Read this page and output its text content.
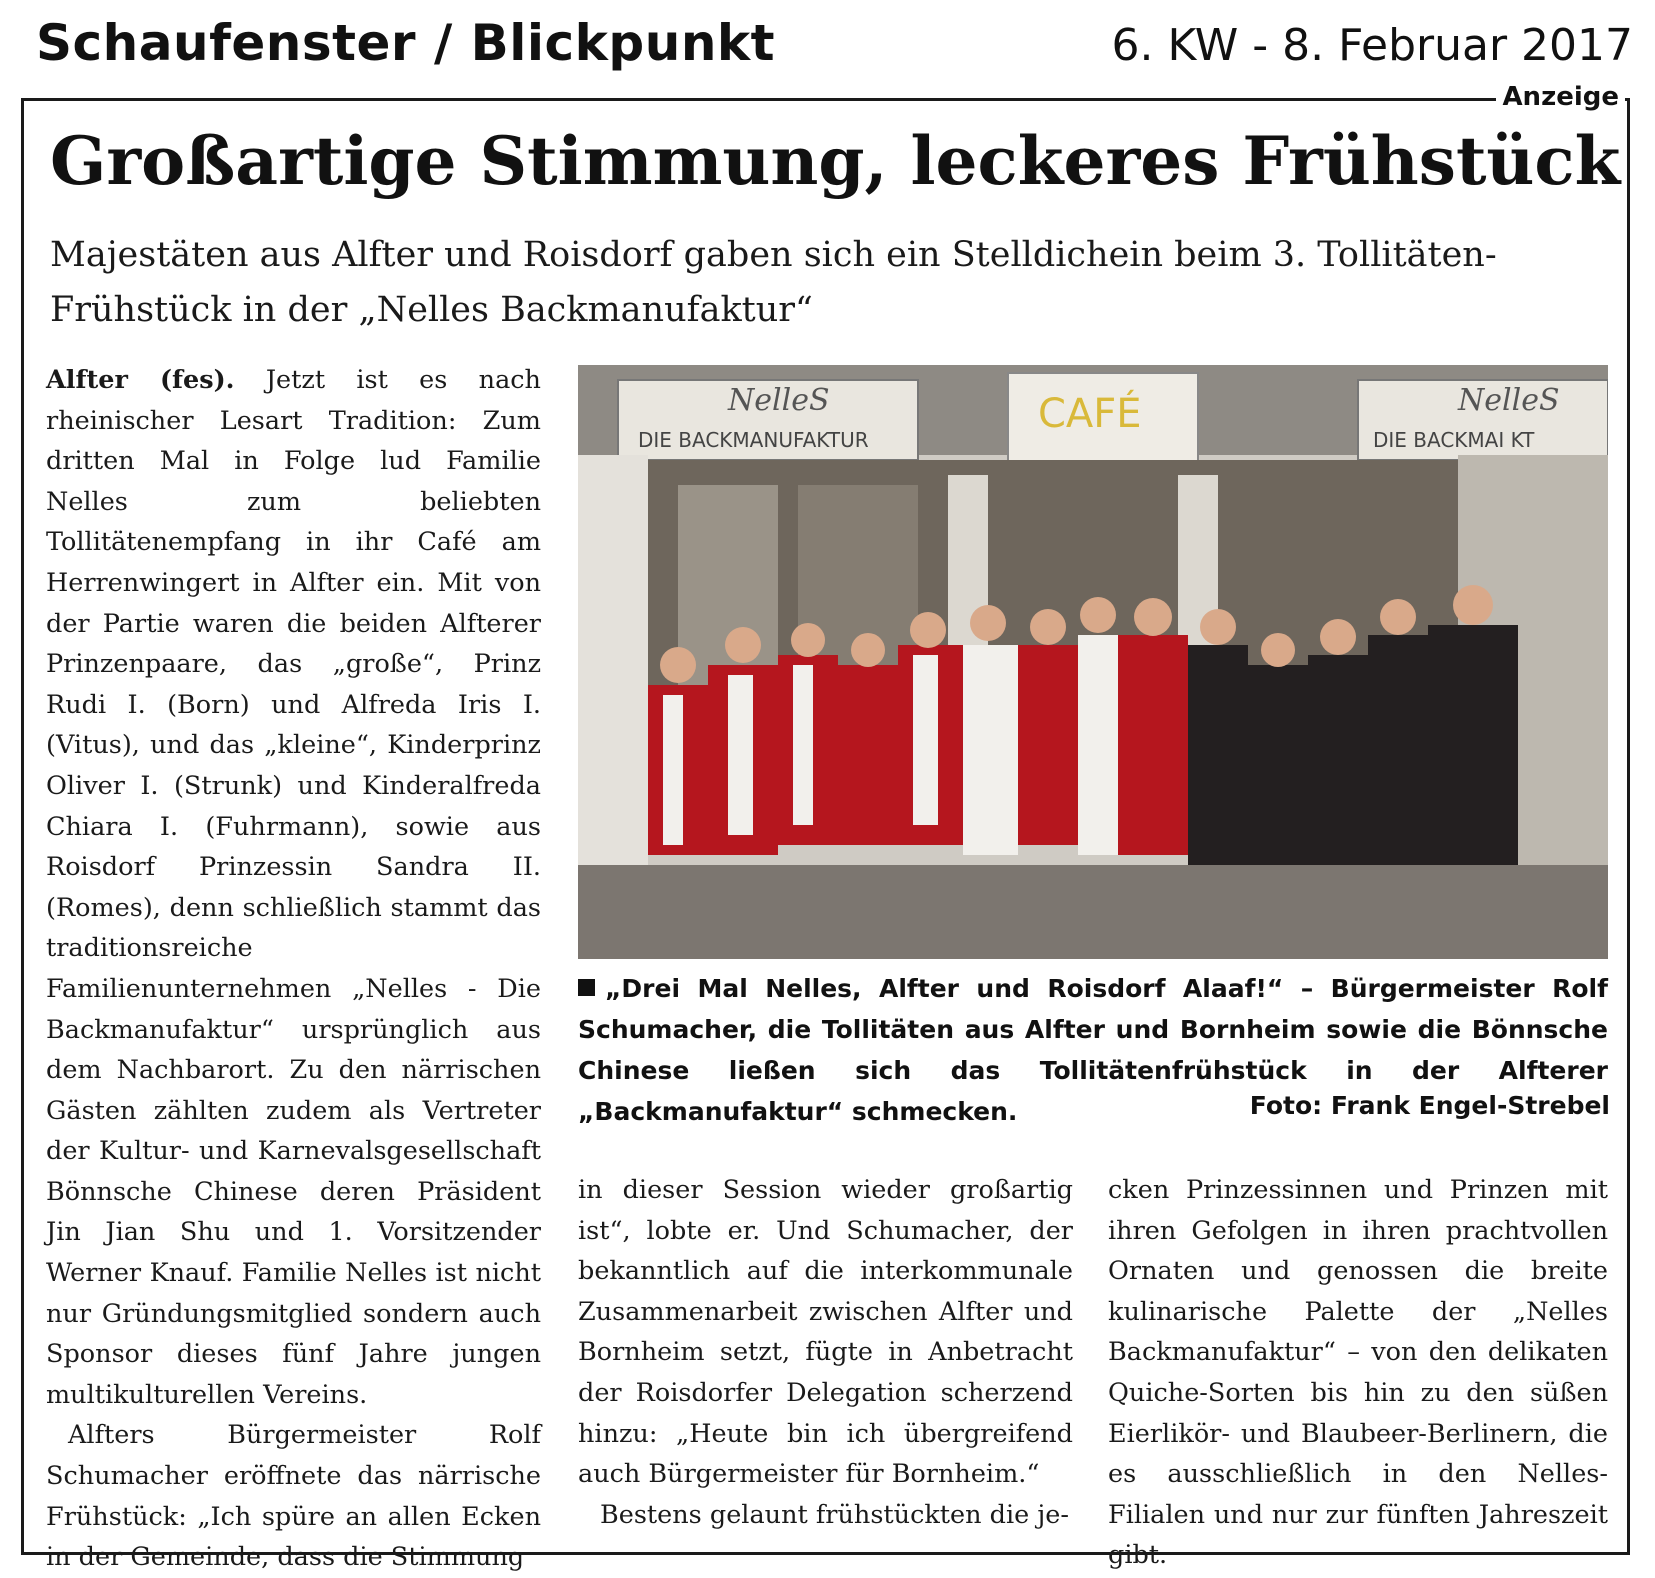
Schaufenster / Blickpunkt	6. KW - 8. Februar 2017
Anzeige
Großartige Stimmung, leckeres Frühstück
Majestäten aus Alfter und Roisdorf gaben sich ein Stelldichein beim 3. Tollitäten-Frühstück in der „Nelles Backmanufaktur“

Alfter (fes). Jetzt ist es nach rheinischer Lesart Tradition: Zum dritten Mal in Folge lud Familie Nelles zum beliebten Tollitätenempfang in ihr Café am Herrenwingert in Alfter ein. Mit von der Partie waren die beiden Alfterer Prinzenpaare, das „große“, Prinz Rudi I. (Born) und Alfreda Iris I. (Vitus), und das „kleine“, Kinderprinz Oliver I. (Strunk) und Kinderalfreda Chiara I. (Fuhrmann), sowie aus Roisdorf Prinzessin Sandra II. (Romes), denn schließlich stammt das traditionsreiche Familienunternehmen „Nelles - Die Backmanufaktur“ ursprünglich aus dem Nachbarort. Zu den närrischen Gästen zählten zudem als Vertreter der Kultur- und Karnevalsgesellschaft Bönnsche Chinese deren Präsident Jin Jian Shu und 1. Vorsitzender Werner Knauf. Familie Nelles ist nicht nur Gründungsmitglied sondern auch Sponsor dieses fünf Jahre jungen multikulturellen Vereins.

Alfters Bürgermeister Rolf Schumacher eröffnete das närrische Frühstück: „Ich spüre an allen Ecken in der Gemeinde, dass die Stimmung

NelleS
DIE BACKMANUFAKTUR
CAFÉ	NelleS
DIE BACKMAI KT
„Drei Mal Nelles, Alfter und Roisdorf Alaaf!“ – Bürgermeister Rolf Schumacher, die Tollitäten aus Alfter und Bornheim sowie die Bönnsche Chinese ließen sich das Tollitätenfrühstück in der Alfterer „Backmanufaktur“ schmecken.	Foto: Frank Engel-Strebel

in dieser Session wieder großartig ist“, lobte er. Und Schumacher, der bekanntlich auf die interkommunale Zusammenarbeit zwischen Alfter und Bornheim setzt, fügte in Anbetracht der Roisdorfer Delegation scherzend hinzu: „Heute bin ich übergreifend auch Bürgermeister für Bornheim.“

Bestens gelaunt frühstückten die je-

cken Prinzessinnen und Prinzen mit ihren Gefolgen in ihren prachtvollen Ornaten und genossen die breite kulinarische Palette der „Nelles Backmanufaktur“ – von den delikaten Quiche-Sorten bis hin zu den süßen Eierlikör- und Blaubeer-Berlinern, die es ausschließlich in den Nelles-Filialen und nur zur fünften Jahreszeit gibt.
